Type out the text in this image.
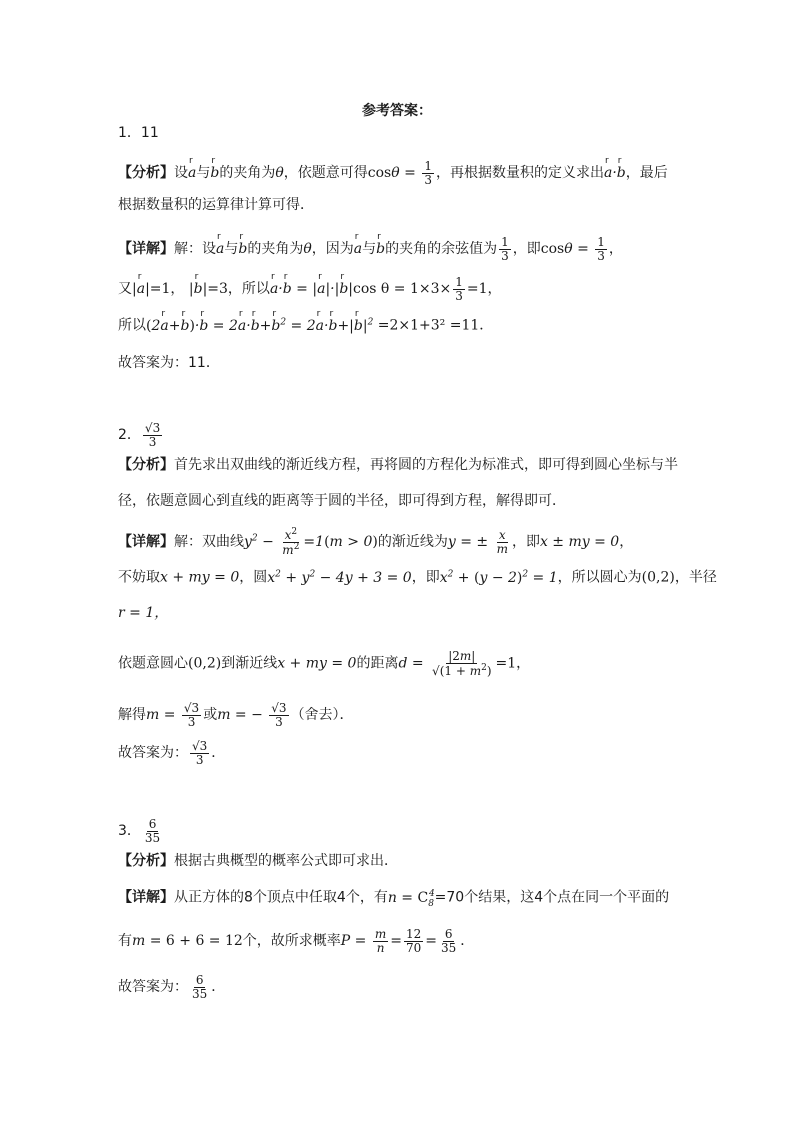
参考答案：
1．11
【分析】设r a与r b的夹角为θ，依题意可得$\cos\theta = \frac{1}{3}$ ，再根据数量积的定义求出r a·r b，最后
根据数量积的运算律计算可得．
【详解】解：设r a与r b的夹角为θ，因为r a与r b的夹角的余弦值为 $\frac{1}{3}$ ，即$\cos\theta = \frac{1}{3}$ ，
又|r a|=1， |r b|=3，所以r a·r b = |r a|·|r b|cos $\theta = 1\times 3\times \frac{1}{3} =1$，
所以(2r a+r b)·r b = 2r a·r b+r $b^2 = 2r$ a·r b+|r $b|^2 =2\times 1+3^2 =11$．
故答案为：11．
2． $\frac{√3}{3}$
【分析】首先求出双曲线的渐近线方程，再将圆的方程化为标准式，即可得到圆心坐标与半
径，依题意圆心到直线的距离等于圆的半径，即可得到方程，解得即可．
【详解】解：双曲线$y^2 - \frac{x^2}{m^2} =1(m > 0)$的渐近线为y = ± $\frac{x}{m}$ ，即x ± my = 0，
不妨取x + my = 0，圆$x^2 + y^2 - 4y + 3 = 0$，即$x^2 + (y - 2)^2 = 1$，所以圆心为(0,2)，半径
r = 1，
依题意圆心(0,2)到渐近线x + my = 0的距离$d = \frac{|2m|}{√(1 + m^2)} =1$，
解得$m = \frac{√3}{3}$ 或m = − $\frac{√3}{3}$ （舍去）．
故答案为： $\frac{√3}{3}$ ．
3． $\frac{6}{35}$
【分析】根据古典概型的概率公式即可求出．
【详解】从正方体的8个顶点中任取4个，有$n = C_8^4=70$个结果，这4个点在同一个平面的
有m = 6 + 6 = 12个，故所求概率$P = \frac{m}{n} = \frac{12}{70} = \frac{6}{35}$ ．
故答案为： $\frac{6}{35}$ ．
